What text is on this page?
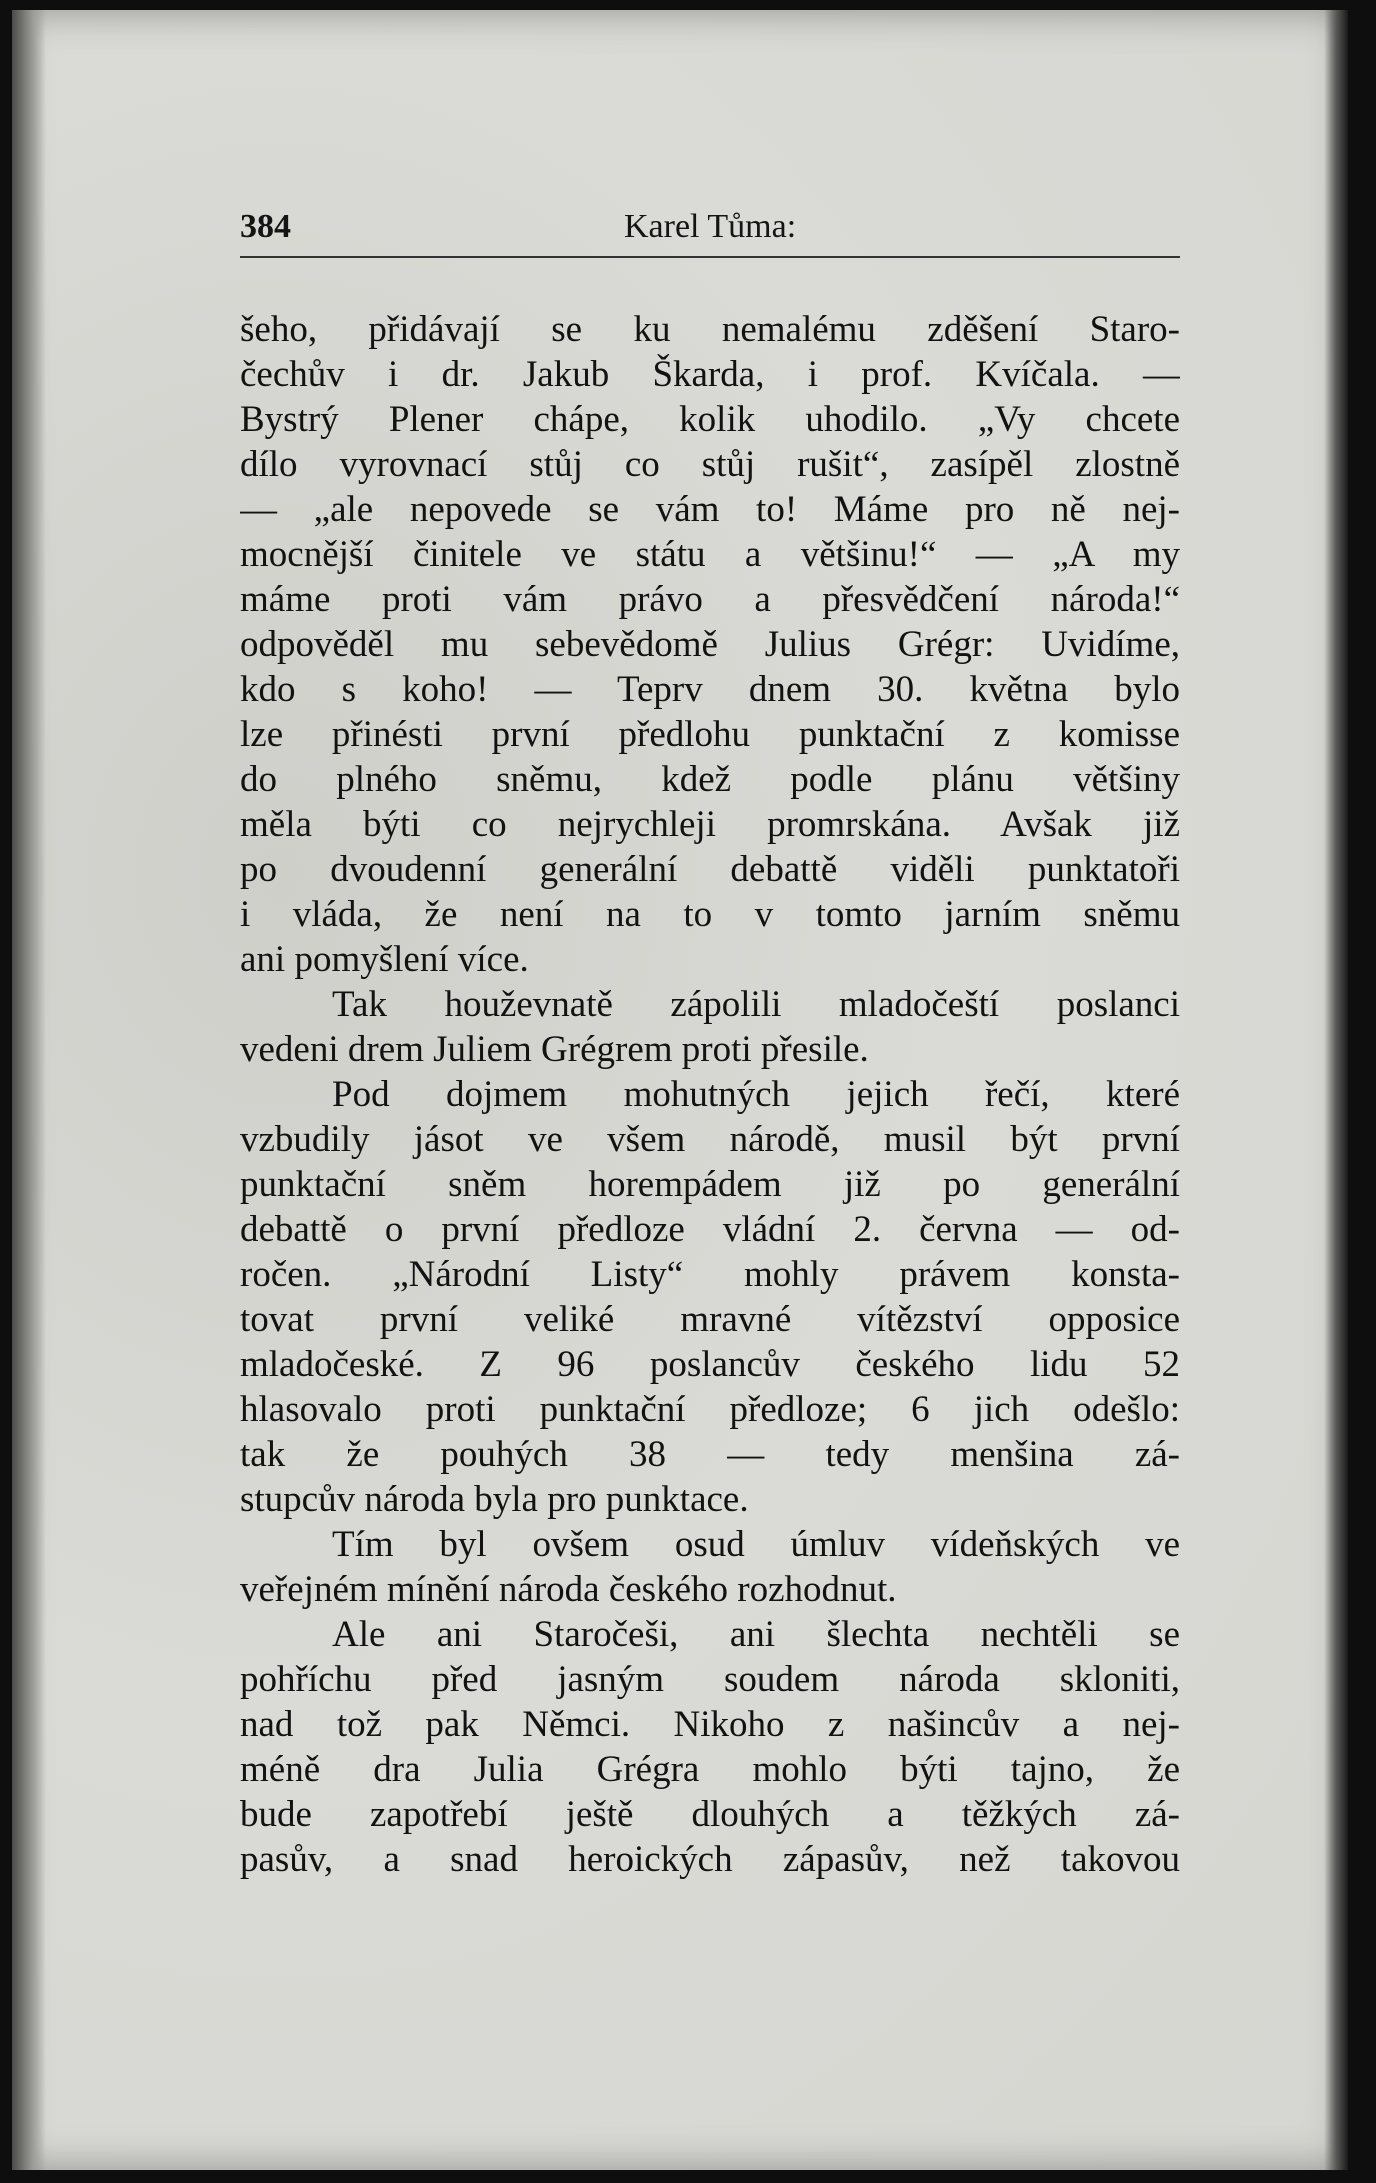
384	Karel Tůma:
šeho, přidávají se ku nemalému zděšení Staro-
čechův i dr. Jakub Škarda, i prof. Kvíčala. —
Bystrý Plener chápe, kolik uhodilo. „Vy chcete
dílo vyrovnací stůj co stůj rušit“, zasípěl zlostně
— „ale nepovede se vám to! Máme pro ně nej-
mocnější činitele ve státu a většinu!“ — „A my
máme proti vám právo a přesvědčení národa!“
odpověděl mu sebevědomě Julius Grégr: Uvidíme,
kdo s koho! — Teprv dnem 30. května bylo
lze přinésti první předlohu punktační z komisse
do plného sněmu, kdež podle plánu většiny
měla býti co nejrychleji promrskána. Avšak již
po dvoudenní generální debattě viděli punktatoři
i vláda, že není na to v tomto jarním sněmu
ani pomyšlení více.
Tak houževnatě zápolili mladočeští poslanci
vedeni drem Juliem Grégrem proti přesile.
Pod dojmem mohutných jejich řečí, které
vzbudily jásot ve všem národě, musil být první
punktační sněm horempádem již po generální
debattě o první předloze vládní 2. června — od-
ročen. „Národní Listy“ mohly právem konsta-
tovat první veliké mravné vítězství opposice
mladočeské. Z 96 poslancův českého lidu 52
hlasovalo proti punktační předloze; 6 jich odešlo:
tak že pouhých 38 — tedy menšina zá-
stupcův národa byla pro punktace.
Tím byl ovšem osud úmluv vídeňských ve
veřejném mínění národa českého rozhodnut.
Ale ani Staročeši, ani šlechta nechtěli se
pohříchu před jasným soudem národa skloniti,
nad tož pak Němci. Nikoho z našincův a nej-
méně dra Julia Grégra mohlo býti tajno, že
bude zapotřebí ještě dlouhých a těžkých zá-
pasův, a snad heroických zápasův, než takovou
